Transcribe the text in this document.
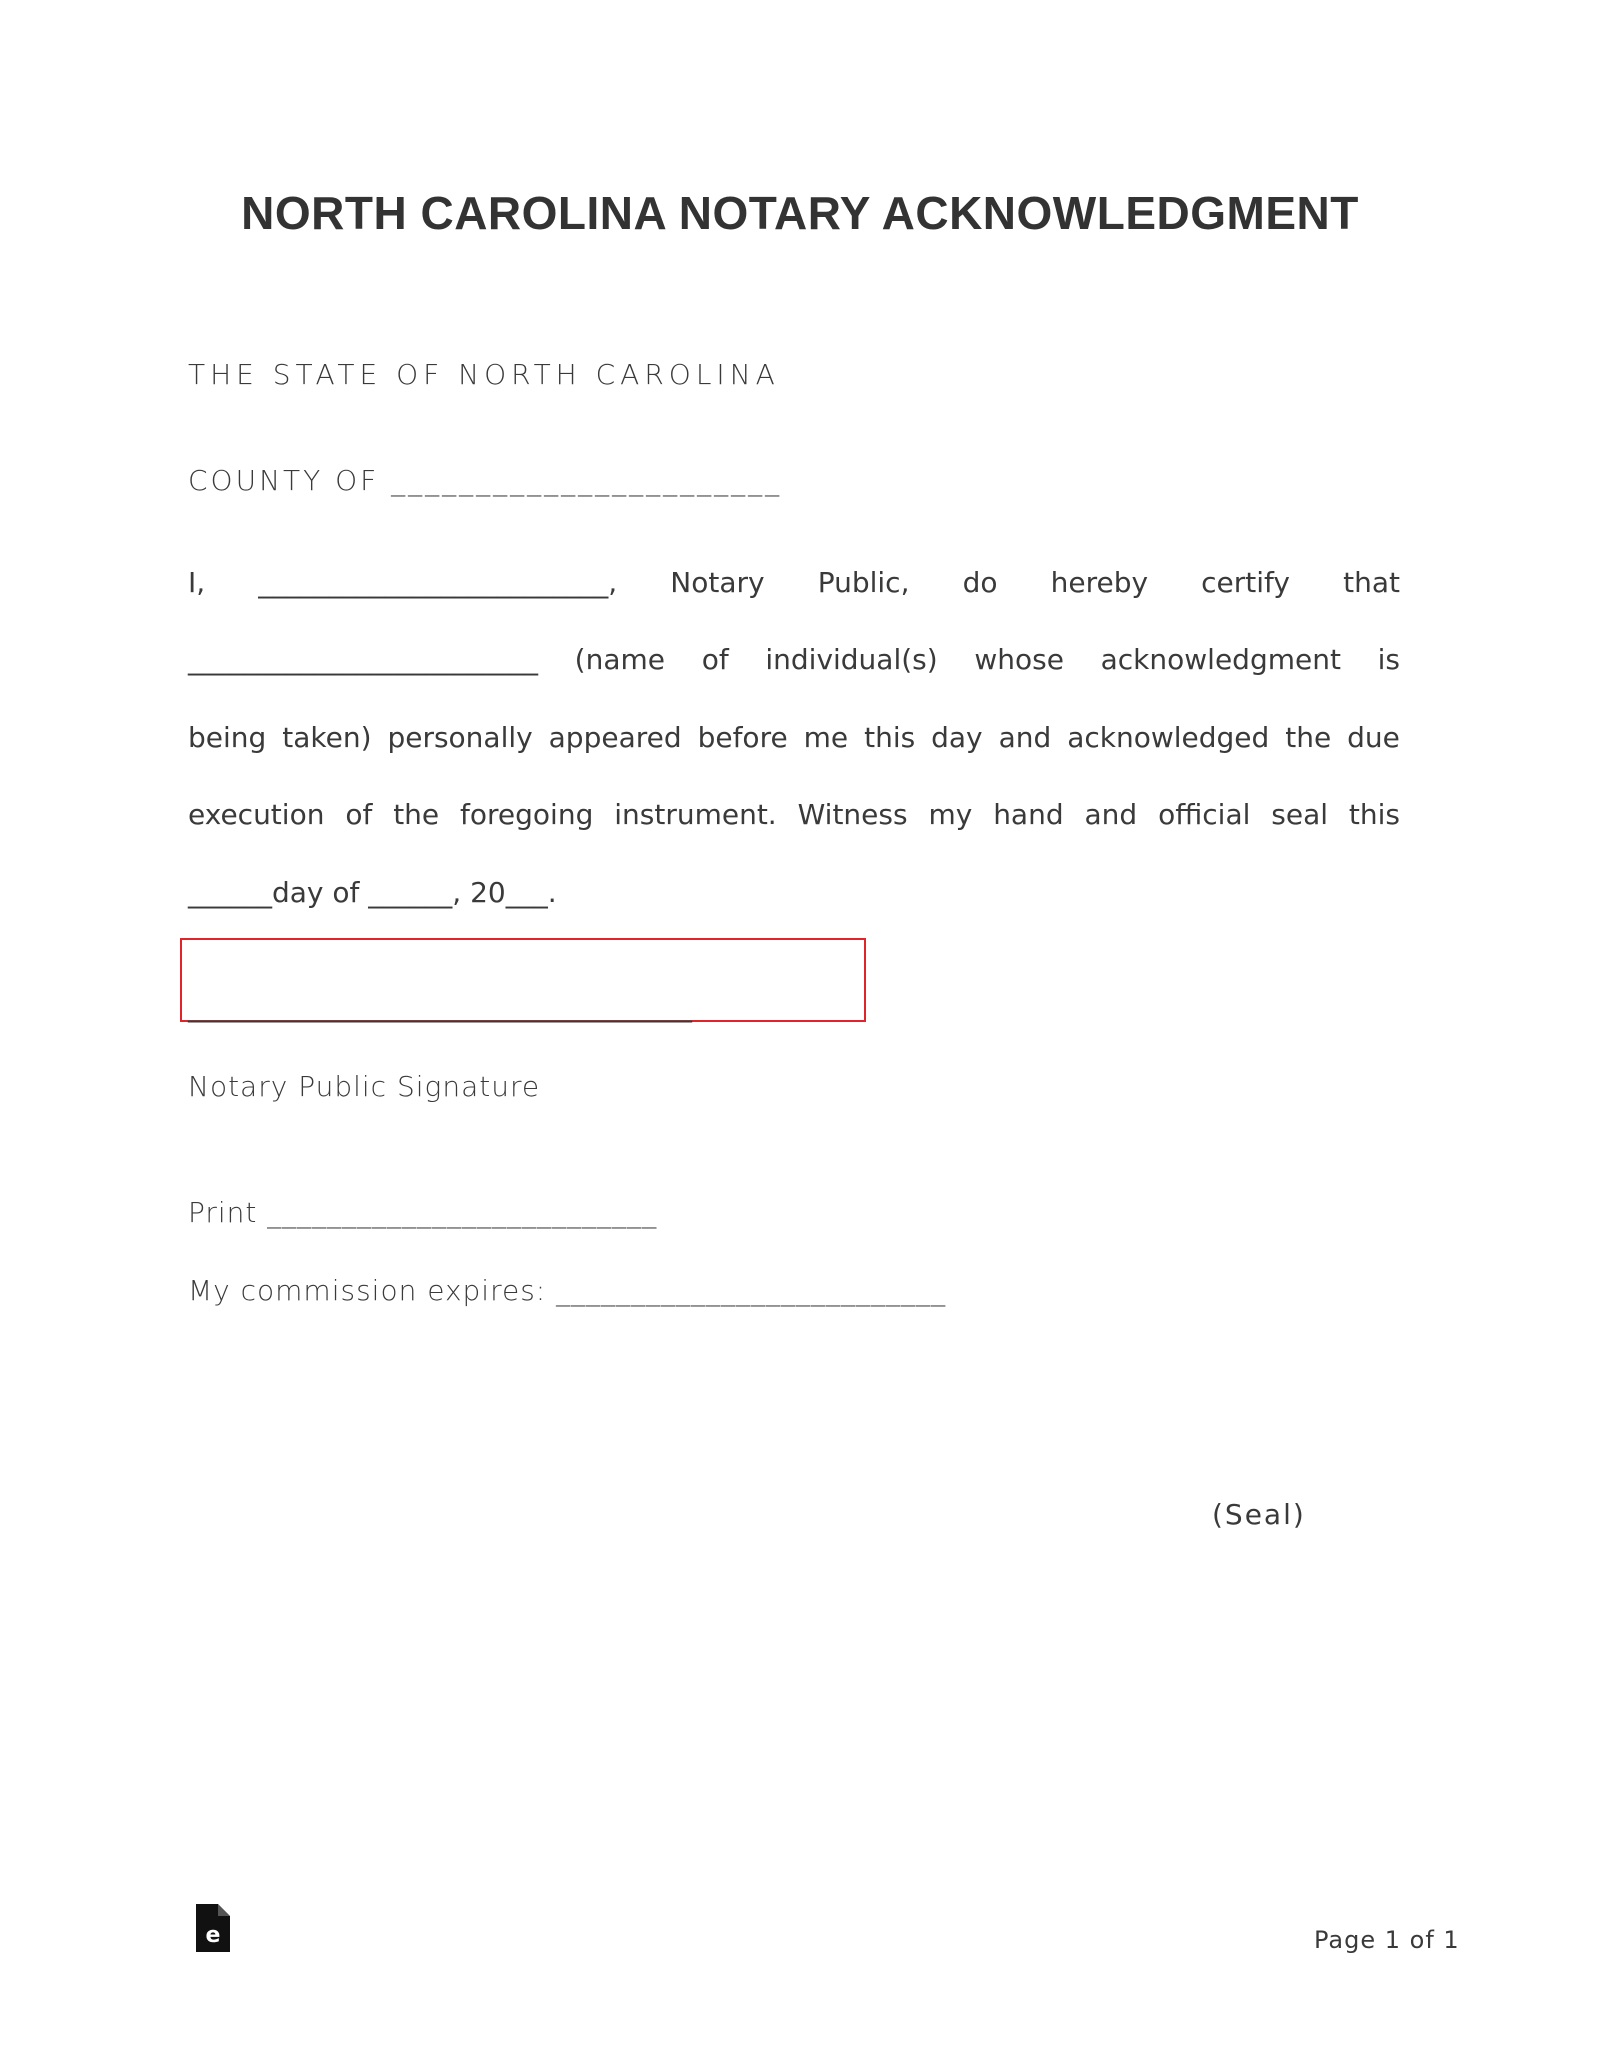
NORTH CAROLINA NOTARY ACKNOWLEDGMENT
THE STATE OF NORTH CAROLINA
COUNTY OF _______________________
I, _________________________, Notary Public, do hereby certify that
_________________________ (name of individual(s) whose acknowledgment is
being taken) personally appeared before me this day and acknowledged the due
execution of the foregoing instrument. Witness my hand and official seal this
______day of ______, 20___.
____________________________________
Notary Public Signature
Print __________________________
My commission expires: __________________________
(Seal)
e	Page 1 of 1
